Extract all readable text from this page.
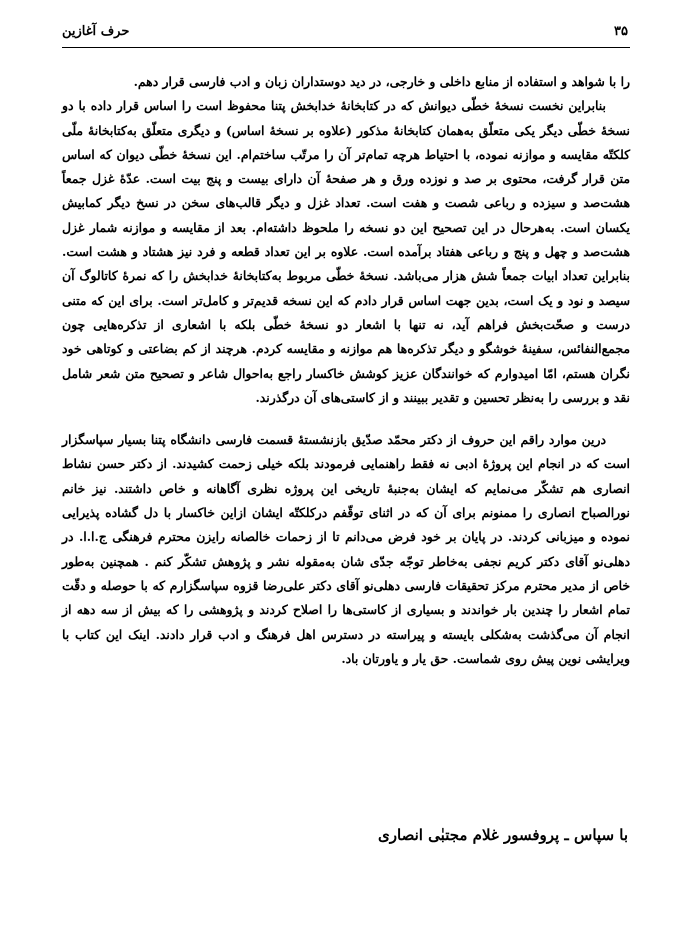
۳۵
حرف آغازین

را با شواهد و استفاده از منابع داخلی و خارجی، در دید دوستداران زبان و ادب فارسی قرار دهم.

بنابراین نخست نسخهٔ خطّی دیوانش که در کتابخانهٔ خدابخش پتنا محفوظ است را اساس قرار داده با دو نسخهٔ خطّی دیگر یکی متعلّق به‌همان کتابخانهٔ مذکور (علاوه بر نسخهٔ اساس) و دیگری متعلّق به‌کتابخانهٔ ملّی کلکتّه مقایسه و موازنه نموده، با احتیاط هرچه تمام‌تر آن را مرتّب ساختم‌ام. این نسخهٔ خطّی دیوان که اساس متن قرار گرفت، محتوی بر صد و نوزده ورق و هر صفحهٔ آن دارای بیست و پنج بیت است. عدّهٔ غزل جمعاً هشت‌صد و سیزده و رباعی شصت و هفت است. تعداد غزل و دیگر قالب‌های سخن در نسخ دیگر کمابیش یکسان است. به‌هرحال در این تصحیح این دو نسخه را ملحوظ داشته‌ام. بعد از مقایسه و موازنه شمار غزل هشت‌صد و چهل و پنج و رباعی هفتاد برآمده است. علاوه بر این تعداد قطعه و فرد نیز هشتاد و هشت است. بنابراین تعداد ابیات جمعاً شش هزار می‌باشد. نسخهٔ خطّی مربوط به‌کتابخانهٔ خدابخش را که نمرهٔ کاتالوگ آن سیصد و نود و یک است، بدین جهت اساس قرار دادم که این نسخه قدیم‌تر و کامل‌تر است. برای این که متنی درست و صحّت‌بخش فراهم آید، نه تنها با اشعار دو نسخهٔ خطّی بلکه با اشعاری از تذکره‌هایی چون مجمع‌النفائس، سفینهٔ خوشگو و دیگر تذکره‌ها هم موازنه و مقایسه کردم. هرچند از کم بضاعتی و کوتاهی خود نگران هستم، امّا امیدوارم که خوانندگان عزیز کوشش خاکسار راجع به‌احوال شاعر و تصحیح متن شعر شامل نقد و بررسی را به‌نظر تحسین و تقدیر ببینند و از کاستی‌های آن درگذرند.

درین موارد راقم این حروف از دکتر محمّد صدّیق بازنشستهٔ قسمت فارسی دانشگاه پتنا بسیار سپاسگزار است که در انجام این پروژهٔ ادبی نه فقط راهنمایی فرمودند بلکه خیلی زحمت کشیدند. از دکتر حسن نشاط انصاری هم تشکّر می‌نمایم که ایشان به‌جنبهٔ تاریخی این پروژه نظری آگاهانه و خاص داشتند. نیز خانم نورالصباح انصاری را ممنونم برای آن که در اثنای توقّفم درکلکتّه ایشان ازاین خاکسار با دل گشاده پذیرایی نموده و میزبانی کردند. در پایان بر خود فرض می‌دانم تا از زحمات خالصانه رایزن محترم فرهنگی ج.ا.ا. در دهلی‌نو آقای دکتر کریم نجفی به‌خاطر توجّه جدّی شان به‌مقوله نشر و پژوهش تشکّر کنم . همچنین به‌طور خاص از مدیر محترم مرکز تحقیقات فارسی دهلی‌نو آقای دکتر علی‌رضا قزوه سپاسگزارم که با حوصله و دقّت تمام اشعار را چندین بار خواندند و بسیاری از کاستی‌ها را اصلاح کردند و پژوهشی را که بیش از سه دهه از انجام آن می‌گذشت به‌شکلی بایسته و پیراسته در دسترس اهل فرهنگ و ادب قرار دادند. اینک این کتاب با ویرایشی نوین پیش روی شماست. حق یار و یاورتان باد.

با سپاس ـ پروفسور غلام مجتبٰی انصاری
